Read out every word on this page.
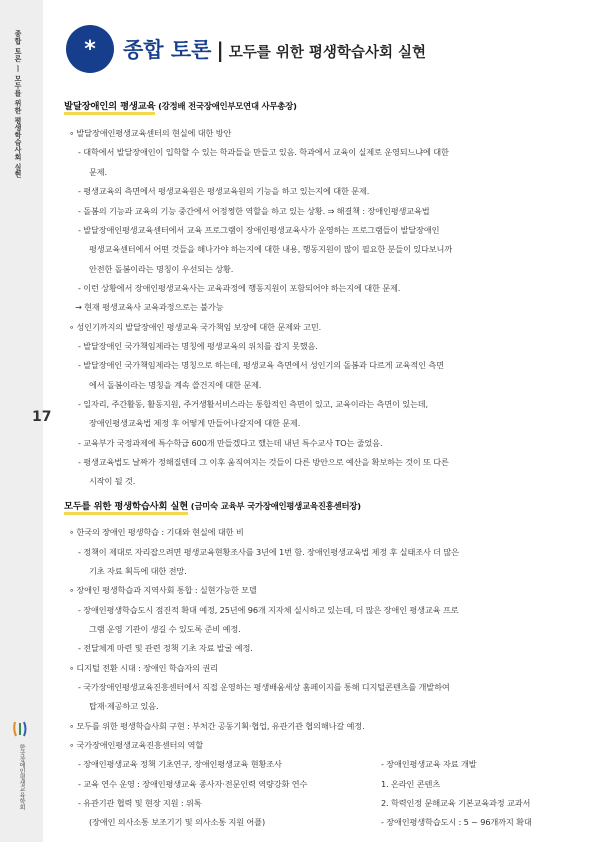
종합 토론 ㅣ 모두를 위한 평생학습사회 실현
17
한국장애인평생교육학회
*	종합 토론 | 모두를 위한 평생학습사회 실현
발달장애인의 평생교육 (강정배 전국장애인부모연대 사무총장)
∘ 발달장애인평생교육센터의 현실에 대한 방안
- 대학에서 발달장애인이 입학할 수 있는 학과들을 만들고 있음. 학과에서 교육이 실제로 운영되느냐에 대한
문제.
- 평생교육의 측면에서 평생교육원은 평생교육원의 기능을 하고 있는지에 대한 문제.
- 돌봄의 기능과 교육의 기능 중간에서 어정쩡한 역할을 하고 있는 상황. ⇒ 해결책 : 장애인평생교육법
- 발달장애인평생교육센터에서 교육 프로그램이 장애인평생교육사가 운영하는 프로그램들이 발달장애인
평생교육센터에서 어떤 것들을 해나가야 하는지에 대한 내용, 행동지원이 많이 필요한 분들이 있다보니까
안전한 돌봄이라는 명칭이 우선되는 상황.
- 이런 상황에서 장애인평생교육사는 교육과정에 행동지원이 포함되어야 하는지에 대한 문제.
→ 현재 평생교육사 교육과정으로는 불가능
∘ 성인기까지의 발달장애인 평생교육 국가책임 보장에 대한 문제와 고민.
- 발달장애인 국가책임제라는 명칭에 평생교육의 위치를 잡지 못했음.
- 발달장애인 국가책임제라는 명칭으로 하는데, 평생교육 측면에서 성인기의 돌봄과 다르게 교육적인 측면
에서 돌봄이라는 명칭을 계속 쓸건지에 대한 문제.
- 일자리, 주간활동, 활동지원, 주거생활서비스라는 통합적인 측면이 있고, 교육이라는 측면이 있는데,
장애인평생교육법 제정 후 어떻게 만들어나갈지에 대한 문제.
- 교육부가 국정과제에 특수학급 600개 만들겠다고 했는데 내년 특수교사 TO는 줄었음.
- 평생교육법도 날짜가 정해질텐데 그 이후 움직여지는 것들이 다른 방안으로 예산을 확보하는 것이 또 다른
시작이 될 것.
모두를 위한 평생학습사회 실현 (금미숙 교육부 국가장애인평생교육진흥센터장)
∘ 한국의 장애인 평생학습 : 기대와 현실에 대한 비
- 정책이 제대로 자리잡으려면 평생교육현황조사를 3년에 1번 함. 장애인평생교육법 제정 후 실태조사 더 많은
기초 자료 획득에 대한 전망.
∘ 장애인 평생학습과 지역사회 통합 : 실현가능한 모델
- 장애인평생학습도시 점진적 확대 예정, 25년에 96개 지자체 실시하고 있는데, 더 많은 장애인 평생교육 프로
그램 운영 기관이 생길 수 있도록 준비 예정.
- 전달체계 마련 및 관련 정책 기초 자료 발굴 예정.
∘ 디지털 전환 시대 : 장애인 학습자의 권리
- 국가장애인평생교육진흥센터에서 직접 운영하는 평생배움세상 홈페이지를 통해 디지털콘텐츠를 개발하여
탑재·제공하고 있음.
∘ 모두를 위한 평생학습사회 구현 : 부처간 공동기획·협업, 유관기관 협의해나갈 예정.
∘ 국가장애인평생교육진흥센터의 역할
- 장애인평생교육 정책 기초연구, 장애인평생교육 현황조사
- 교육 연수 운영 : 장애인평생교육 종사자·전문인력 역량강화 연수
- 유관기관 협력 및 현장 지원 : 위톡
(장애인 의사소통 보조기기 및 의사소통 지원 어플)
- 장애인평생교육 자료 개발
1. 온라인 콘텐츠
2. 학력인정 문해교육 기본교육과정 교과서
- 장애인평생학습도시 : 5 ~ 96개까지 확대
